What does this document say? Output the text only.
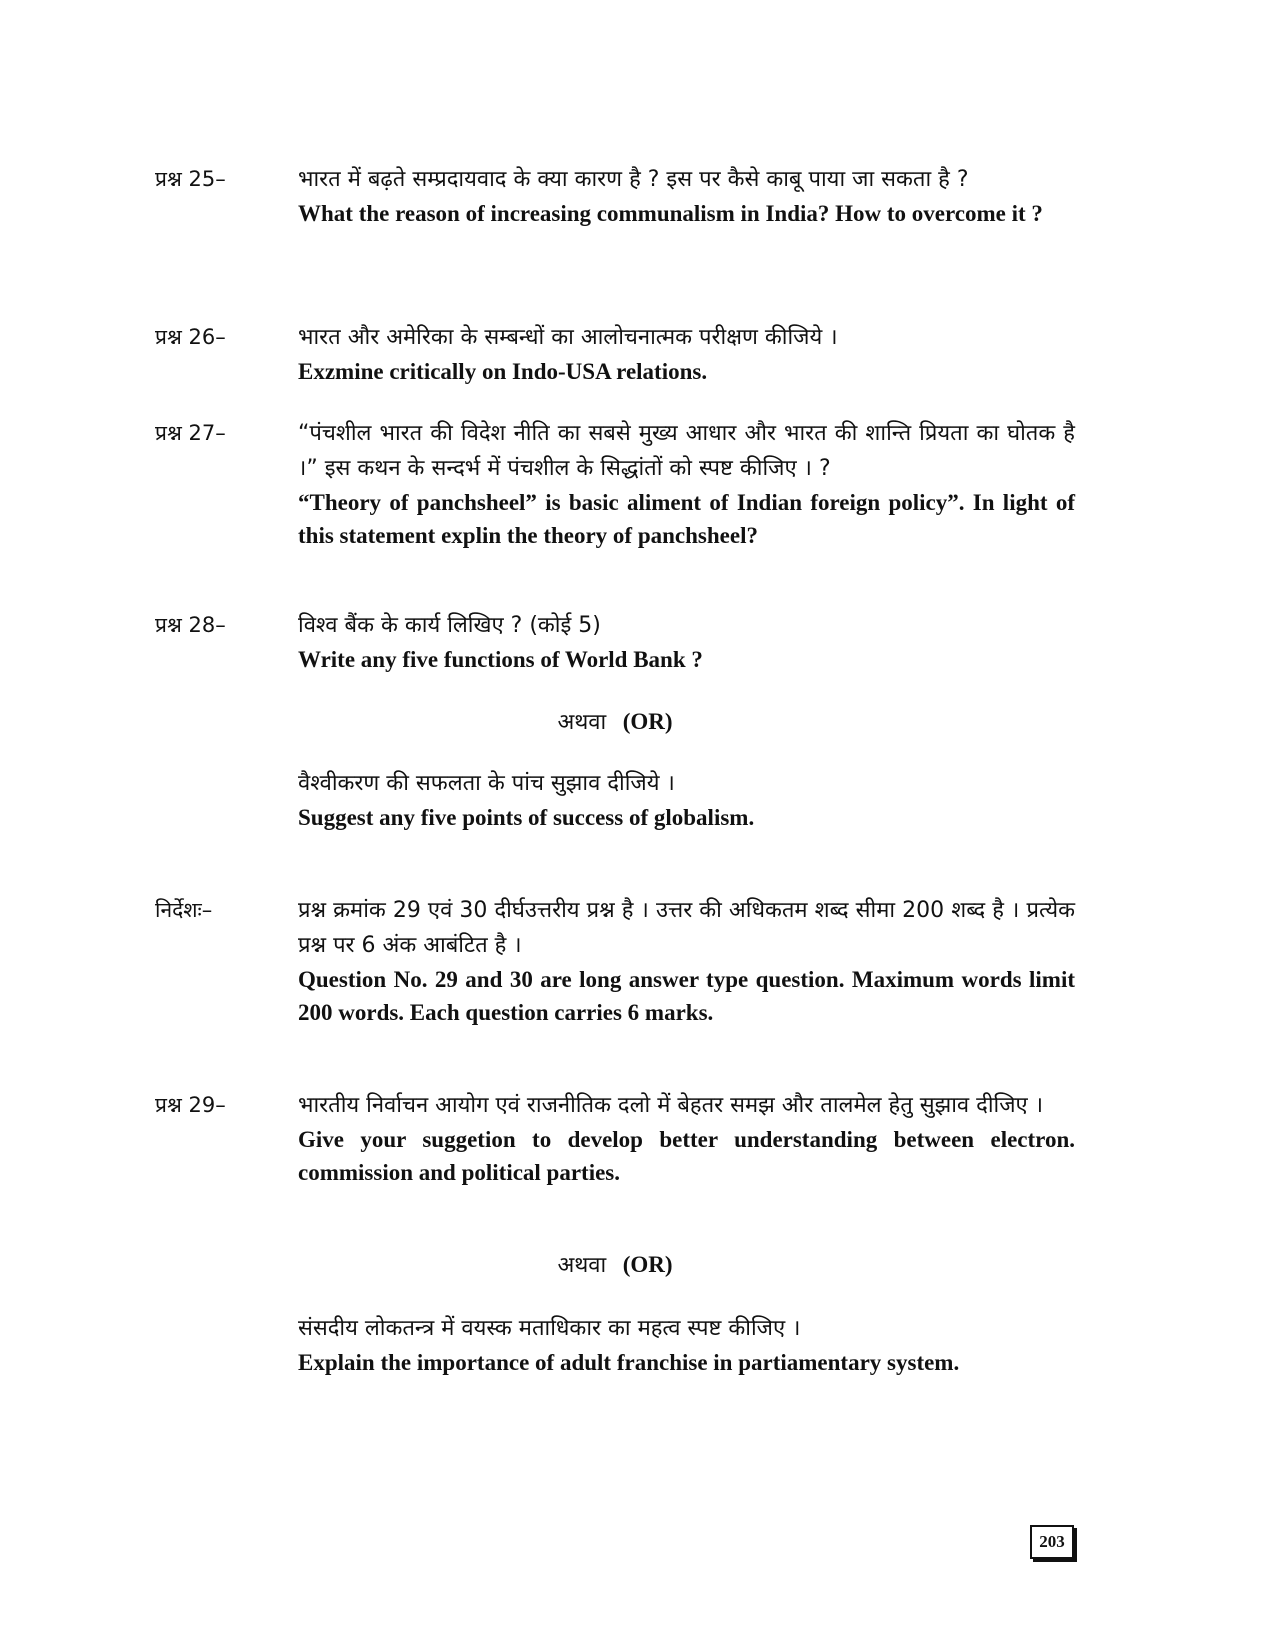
प्रश्न 25–	भारत में बढ़ते सम्प्रदायवाद के क्या कारण है ? इस पर कैसे काबू पाया जा सकता है ?
What the reason of increasing communalism in India? How to overcome it ?
प्रश्न 26–	भारत और अमेरिका के सम्बन्धों का आलोचनात्मक परीक्षण कीजिये ।
Exzmine critically on Indo-USA relations.
प्रश्न 27–	“पंचशील भारत की विदेश नीति का सबसे मुख्य आधार और भारत की शान्ति प्रियता का घोतक है ।” इस कथन के सन्दर्भ में पंचशील के सिद्धांतों को स्पष्ट कीजिए । ?
“Theory of panchsheel” is basic aliment of Indian foreign policy”. In light of this statement explin the theory of panchsheel?
प्रश्न 28–	विश्व बैंक के कार्य लिखिए ? (कोई 5)
Write any five functions of World Bank ?
अथवा (OR)
वैश्वीकरण की सफलता के पांच सुझाव दीजिये ।
Suggest any five points of success of globalism.
निर्देशः–	प्रश्न क्रमांक 29 एवं 30 दीर्घउत्तरीय प्रश्न है । उत्तर की अधिकतम शब्द सीमा 200 शब्द है । प्रत्येक प्रश्न पर 6 अंक आबंटित है ।
Question No. 29 and 30 are long answer type question. Maximum words limit 200 words. Each question carries 6 marks.
प्रश्न 29–	भारतीय निर्वाचन आयोग एवं राजनीतिक दलो में बेहतर समझ और तालमेल हेतु सुझाव दीजिए ।
Give your suggetion to develop better understanding between electron. commission and political parties.
अथवा (OR)
संसदीय लोकतन्त्र में वयस्क मताधिकार का महत्व स्पष्ट कीजिए ।
Explain the importance of adult franchise in partiamentary system.
203
